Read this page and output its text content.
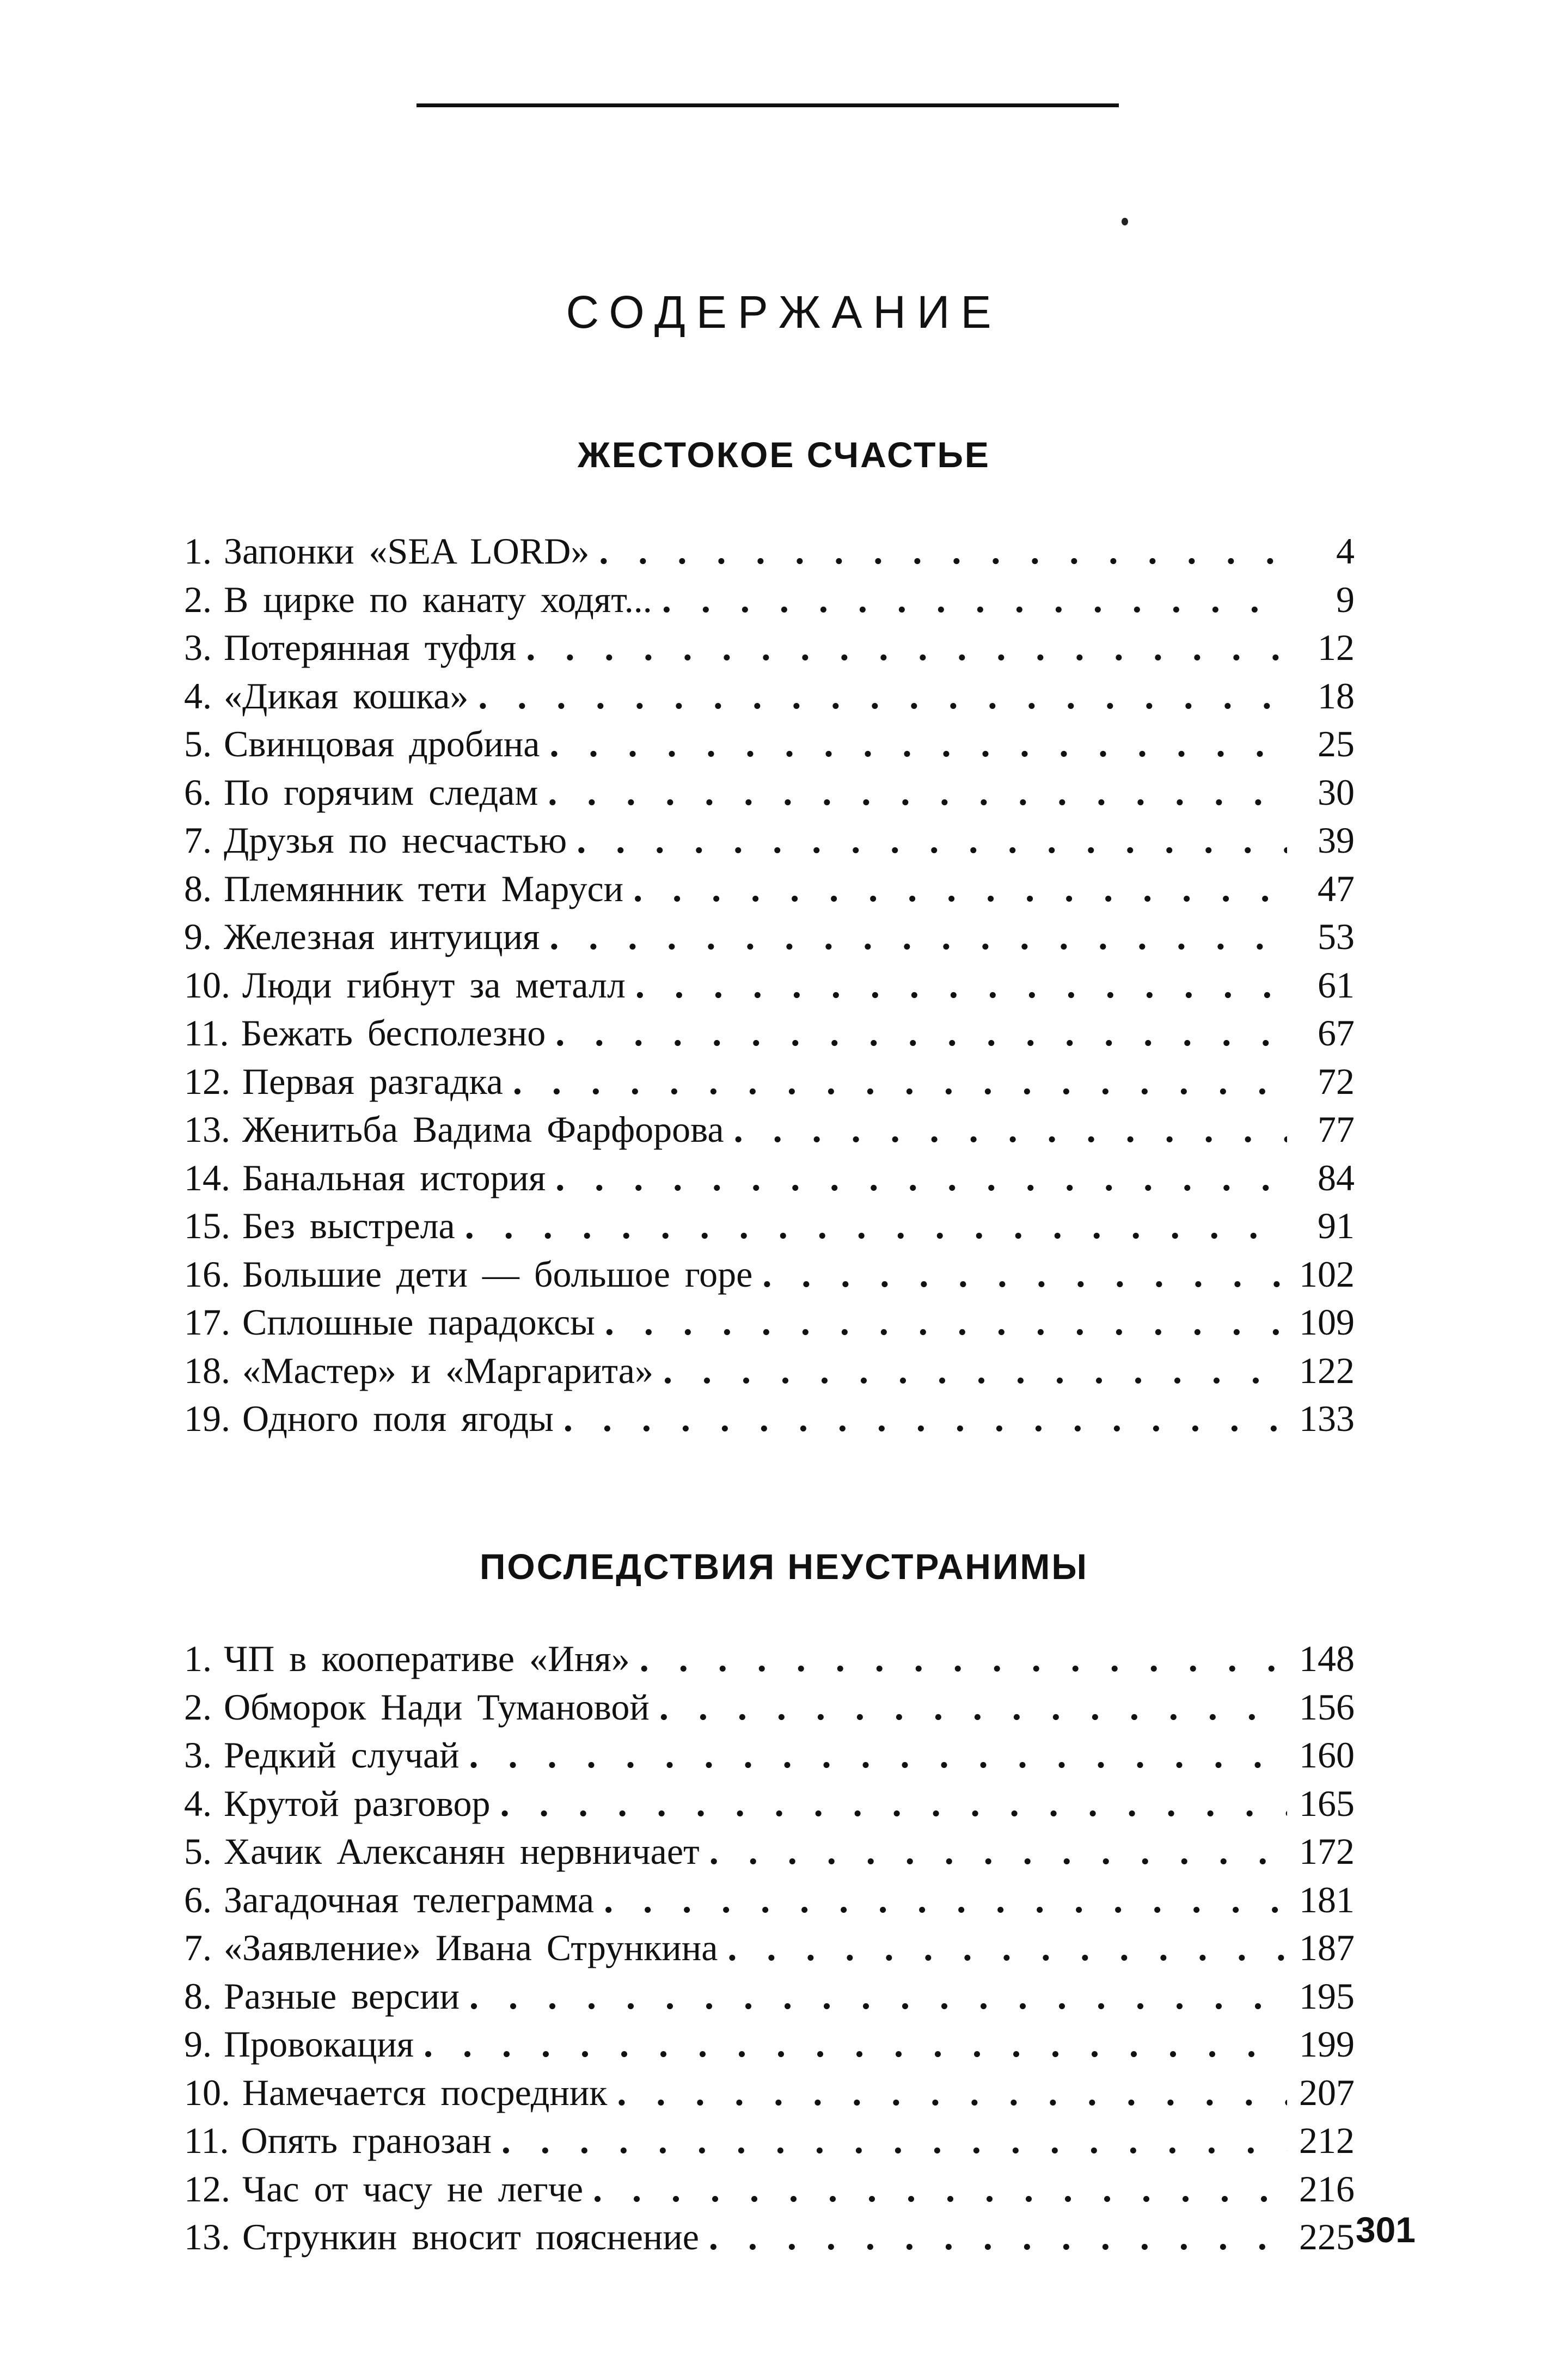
СОДЕРЖАНИЕ
ЖЕСТОКОЕ СЧАСТЬЕ
1. Запонки «SEA LORD» . . .	4
2. В цирке по канату ходят... . . .	9
3. Потерянная туфля . . .	12
4. «Дикая кошка» . . .	18
5. Свинцовая дробина . . .	25
6. По горячим следам . . .	30
7. Друзья по несчастью . . .	39
8. Племянник тети Маруси . . .	47
9. Железная интуиция . . .	53
10. Люди гибнут за металл . . .	61
11. Бежать бесполезно . . .	67
12. Первая разгадка . . .	72
13. Женитьба Вадима Фарфорова . . .	77
14. Банальная история . . .	84
15. Без выстрела . . .	91
16. Большие дети — большое горе . . .	102
17. Сплошные парадоксы . . .	109
18. «Мастер» и «Маргарита» . . .	122
19. Одного поля ягоды . . .	133
ПОСЛЕДСТВИЯ НЕУСТРАНИМЫ
1. ЧП в кооперативе «Иня» . . .	148
2. Обморок Нади Тумановой . . .	156
3. Редкий случай . . .	160
4. Крутой разговор . . .	165
5. Хачик Алексанян нервничает . . .	172
6. Загадочная телеграмма . . .	181
7. «Заявление» Ивана Стрункина . . .	187
8. Разные версии . . .	195
9. Провокация . . .	199
10. Намечается посредник . . .	207
11. Опять гранозан . . .	212
12. Час от часу не легче . . .	216
13. Стрункин вносит пояснение . . .	225 301
